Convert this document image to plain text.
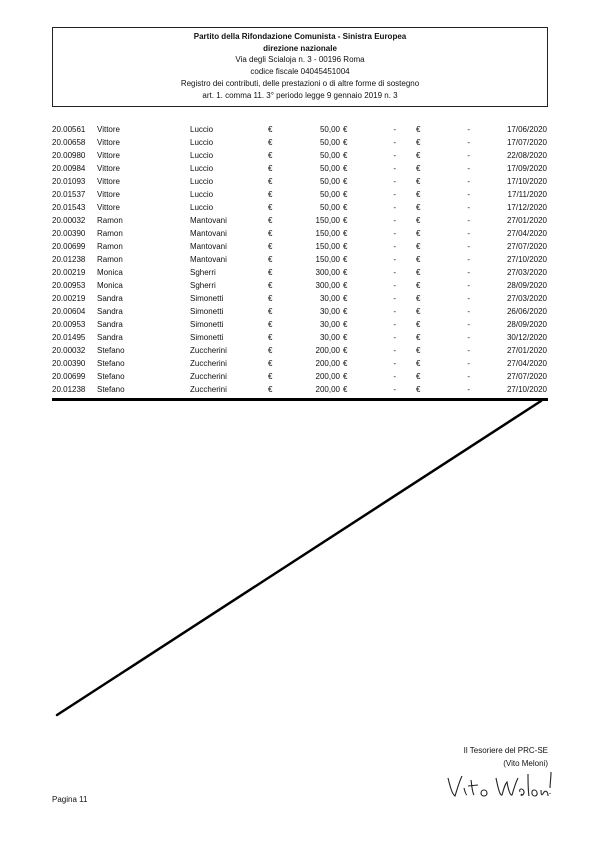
Partito della Rifondazione Comunista - Sinistra Europea
direzione nazionale
Via degli Scialoja n. 3 - 00196 Roma
codice fiscale 04045451004
Registro dei contributi, delle prestazioni o di altre forme di sostegno
art. 1. comma 11. 3° periodo legge 9 gennaio 2019 n. 3
20.00561 Vittore	Luccio	€	50,00 €	-	€	-	17/06/2020
20.00658 Vittore	Luccio	€	50,00 €	-	€	-	17/07/2020
20.00980 Vittore	Luccio	€	50,00 €	-	€	-	22/08/2020
20.00984 Vittore	Luccio	€	50,00 €	-	€	-	17/09/2020
20.01093 Vittore	Luccio	€	50,00 €	-	€	-	17/10/2020
20.01537 Vittore	Luccio	€	50,00 €	-	€	-	17/11/2020
20.01543 Vittore	Luccio	€	50,00 €	-	€	-	17/12/2020
20.00032 Ramon	Mantovani	€	150,00 €	-	€	-	27/01/2020
20.00390 Ramon	Mantovani	€	150,00 €	-	€	-	27/04/2020
20.00699 Ramon	Mantovani	€	150,00 €	-	€	-	27/07/2020
20.01238 Ramon	Mantovani	€	150,00 €	-	€	-	27/10/2020
20.00219 Monica	Sgherri	€	300,00 €	-	€	-	27/03/2020
20.00953 Monica	Sgherri	€	300,00 €	-	€	-	28/09/2020
20.00219 Sandra	Simonetti	€	30,00 €	-	€	-	27/03/2020
20.00604 Sandra	Simonetti	€	30,00 €	-	€	-	26/06/2020
20.00953 Sandra	Simonetti	€	30,00 €	-	€	-	28/09/2020
20.01495 Sandra	Simonetti	€	30,00 €	-	€	-	30/12/2020
20.00032 Stefano	Zuccherini	€	200,00 €	-	€	-	27/01/2020
20.00390 Stefano	Zuccherini	€	200,00 €	-	€	-	27/04/2020
20.00699 Stefano	Zuccherini	€	200,00 €	-	€	-	27/07/2020
20.01238 Stefano	Zuccherini	€	200,00 €	-	€	-	27/10/2020
Il Tesoriere del PRC-SE
(Vito Meloni)
Pagina 11
